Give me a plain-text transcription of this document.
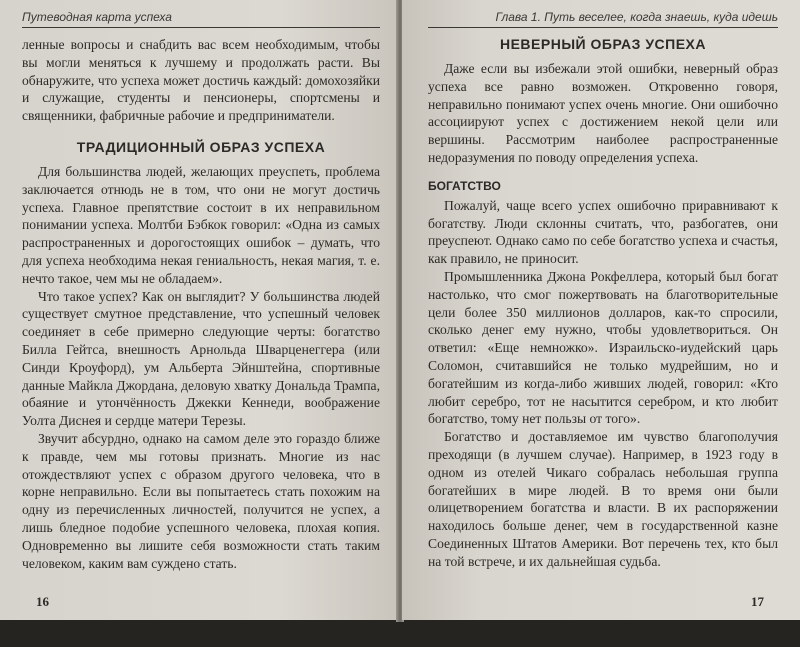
Путеводная карта успеха

ленные вопросы и снабдить вас всем необходимым, чтобы вы могли меняться к лучшему и продолжать расти. Вы обнаружите, что успеха может достичь каждый: домохозяйки и служащие, студенты и пенсионеры, спортсмены и священники, фабричные рабочие и предприниматели.

ТРАДИЦИОННЫЙ ОБРАЗ УСПЕХА

Для большинства людей, желающих преуспеть, проблема заключается отнюдь не в том, что они не могут достичь успеха. Главное препятствие состоит в их неправильном понимании успеха. Молтби Бэбкок говорил: «Одна из самых распространенных и дорогостоящих ошибок – думать, что для успеха необходима некая гениальность, некая магия, т. е. нечто такое, чем мы не обладаем».

Что такое успех? Как он выглядит? У большинства людей существует смутное представление, что успешный человек соединяет в себе примерно следующие черты: богатство Билла Гейтса, внешность Арнольда Шварценеггера (или Синди Кроуфорд), ум Альберта Эйнштейна, спортивные данные Майкла Джордана, деловую хватку Дональда Трампа, обаяние и утончённость Джекки Кеннеди, воображение Уолта Диснея и сердце матери Терезы.

Звучит абсурдно, однако на самом деле это гораздо ближе к правде, чем мы готовы признать. Многие из нас отождествляют успех с образом другого человека, что в корне неправильно. Если вы попытаетесь стать похожим на одну из перечисленных личностей, получится не успех, а лишь бледное подобие успешного человека, плохая копия. Одновременно вы лишите себя возможности стать таким человеком, каким вам суждено стать.

16
Глава 1. Путь веселее, когда знаешь, куда идешь
НЕВЕРНЫЙ ОБРАЗ УСПЕХА

Даже если вы избежали этой ошибки, неверный образ успеха все равно возможен. Откровенно говоря, неправильно понимают успех очень многие. Они ошибочно ассоциируют успех с достижением некой цели или вершины. Рассмотрим наиболее распространенные недоразумения по поводу определения успеха.

БОГАТСТВО

Пожалуй, чаще всего успех ошибочно приравнивают к богатству. Люди склонны считать, что, разбогатев, они преуспеют. Однако само по себе богатство успеха и счастья, как правило, не приносит.

Промышленника Джона Рокфеллера, который был богат настолько, что смог пожертвовать на благотворительные цели более 350 миллионов долларов, как-то спросили, сколько денег ему нужно, чтобы удовлетвориться. Он ответил: «Еще немножко». Израильско-иудейский царь Соломон, считавшийся не только мудрейшим, но и богатейшим из когда-либо живших людей, говорил: «Кто любит серебро, тот не насытится серебром, и кто любит богатство, тому нет пользы от того».

Богатство и доставляемое им чувство благополучия преходящи (в лучшем случае). Например, в 1923 году в одном из отелей Чикаго собралась небольшая группа богатейших в мире людей. В то время они были олицетворением богатства и власти. В их распоряжении находилось больше денег, чем в государственной казне Соединенных Штатов Америки. Вот перечень тех, кто был на той встрече, и их дальнейшая судьба.

17
